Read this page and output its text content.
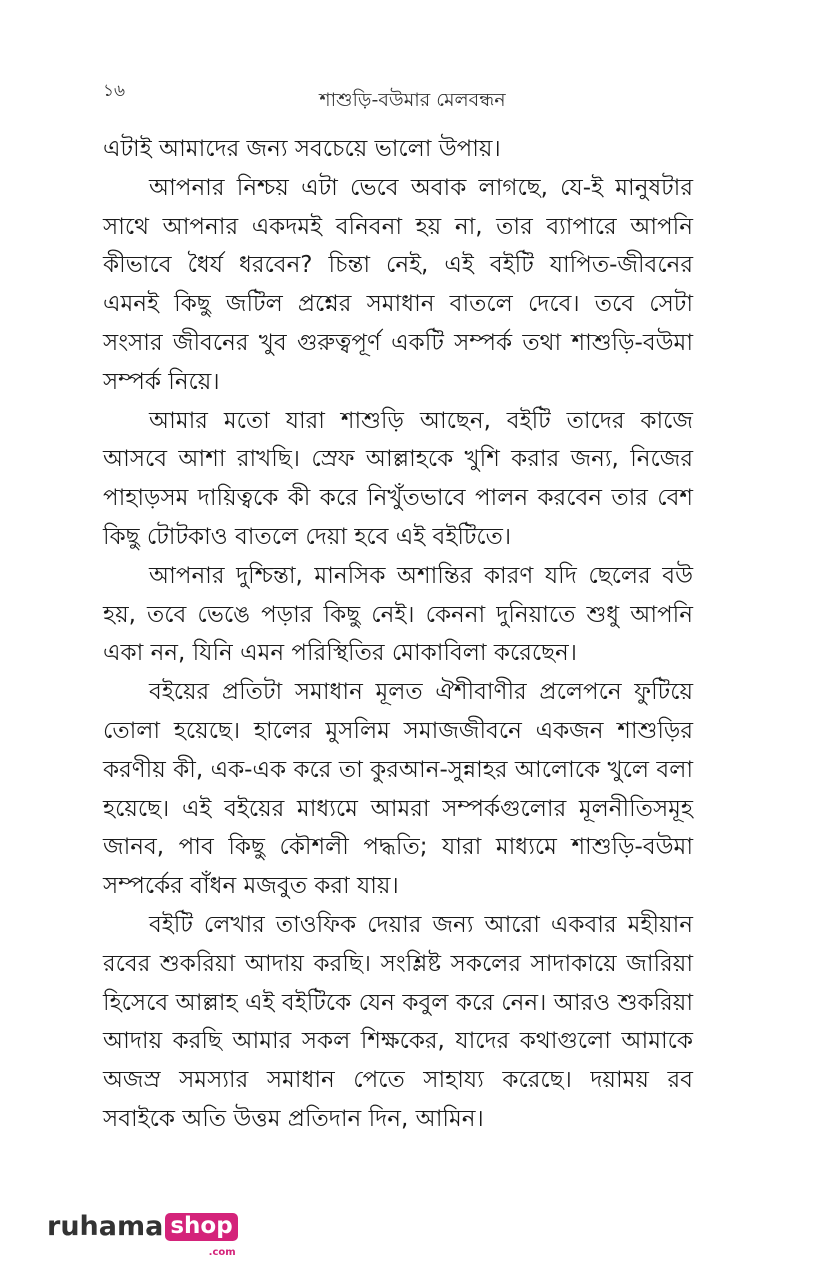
১৬	শাশুড়ি-বউমার মেলবন্ধন

এটাই আমাদের জন্য সবচেয়ে ভালো উপায়।

আপনার নিশ্চয় এটা ভেবে অবাক লাগছে, যে-ই মানুষটার সাথে আপনার একদমই বনিবনা হয় না, তার ব্যাপারে আপনি কীভাবে ধৈর্য ধরবেন? চিন্তা নেই, এই বইটি যাপিত-জীবনের এমনই কিছু জটিল প্রশ্নের সমাধান বাতলে দেবে। তবে সেটা সংসার জীবনের খুব গুরুত্বপূর্ণ একটি সম্পর্ক তথা শাশুড়ি-বউমা সম্পর্ক নিয়ে।

আমার মতো যারা শাশুড়ি আছেন, বইটি তাদের কাজে আসবে আশা রাখছি। স্রেফ আল্লাহকে খুশি করার জন্য, নিজের পাহাড়সম দায়িত্বকে কী করে নিখুঁতভাবে পালন করবেন তার বেশ কিছু টোটকাও বাতলে দেয়া হবে এই বইটিতে।

আপনার দুশ্চিন্তা, মানসিক অশান্তির কারণ যদি ছেলের বউ হয়, তবে ভেঙে পড়ার কিছু নেই। কেননা দুনিয়াতে শুধু আপনি একা নন, যিনি এমন পরিস্থিতির মোকাবিলা করেছেন।

বইয়ের প্রতিটা সমাধান মূলত ঐশীবাণীর প্রলেপনে ফুটিয়ে তোলা হয়েছে। হালের মুসলিম সমাজজীবনে একজন শাশুড়ির করণীয় কী, এক-এক করে তা কুরআন-সুন্নাহর আলোকে খুলে বলা হয়েছে। এই বইয়ের মাধ্যমে আমরা সম্পর্কগুলোর মূলনীতিসমূহ জানব, পাব কিছু কৌশলী পদ্ধতি; যারা মাধ্যমে শাশুড়ি-বউমা সম্পর্কের বাঁধন মজবুত করা যায়।

বইটি লেখার তাওফিক দেয়ার জন্য আরো একবার মহীয়ান রবের শুকরিয়া আদায় করছি। সংশ্লিষ্ট সকলের সাদাকায়ে জারিয়া হিসেবে আল্লাহ এই বইটিকে যেন কবুল করে নেন। আরও শুকরিয়া আদায় করছি আমার সকল শিক্ষকের, যাদের কথাগুলো আমাকে অজস্র সমস্যার সমাধান পেতে সাহায্য করেছে। দয়াময় রব সবাইকে অতি উত্তম প্রতিদান দিন, আমিন।

ruhama shop
.com
